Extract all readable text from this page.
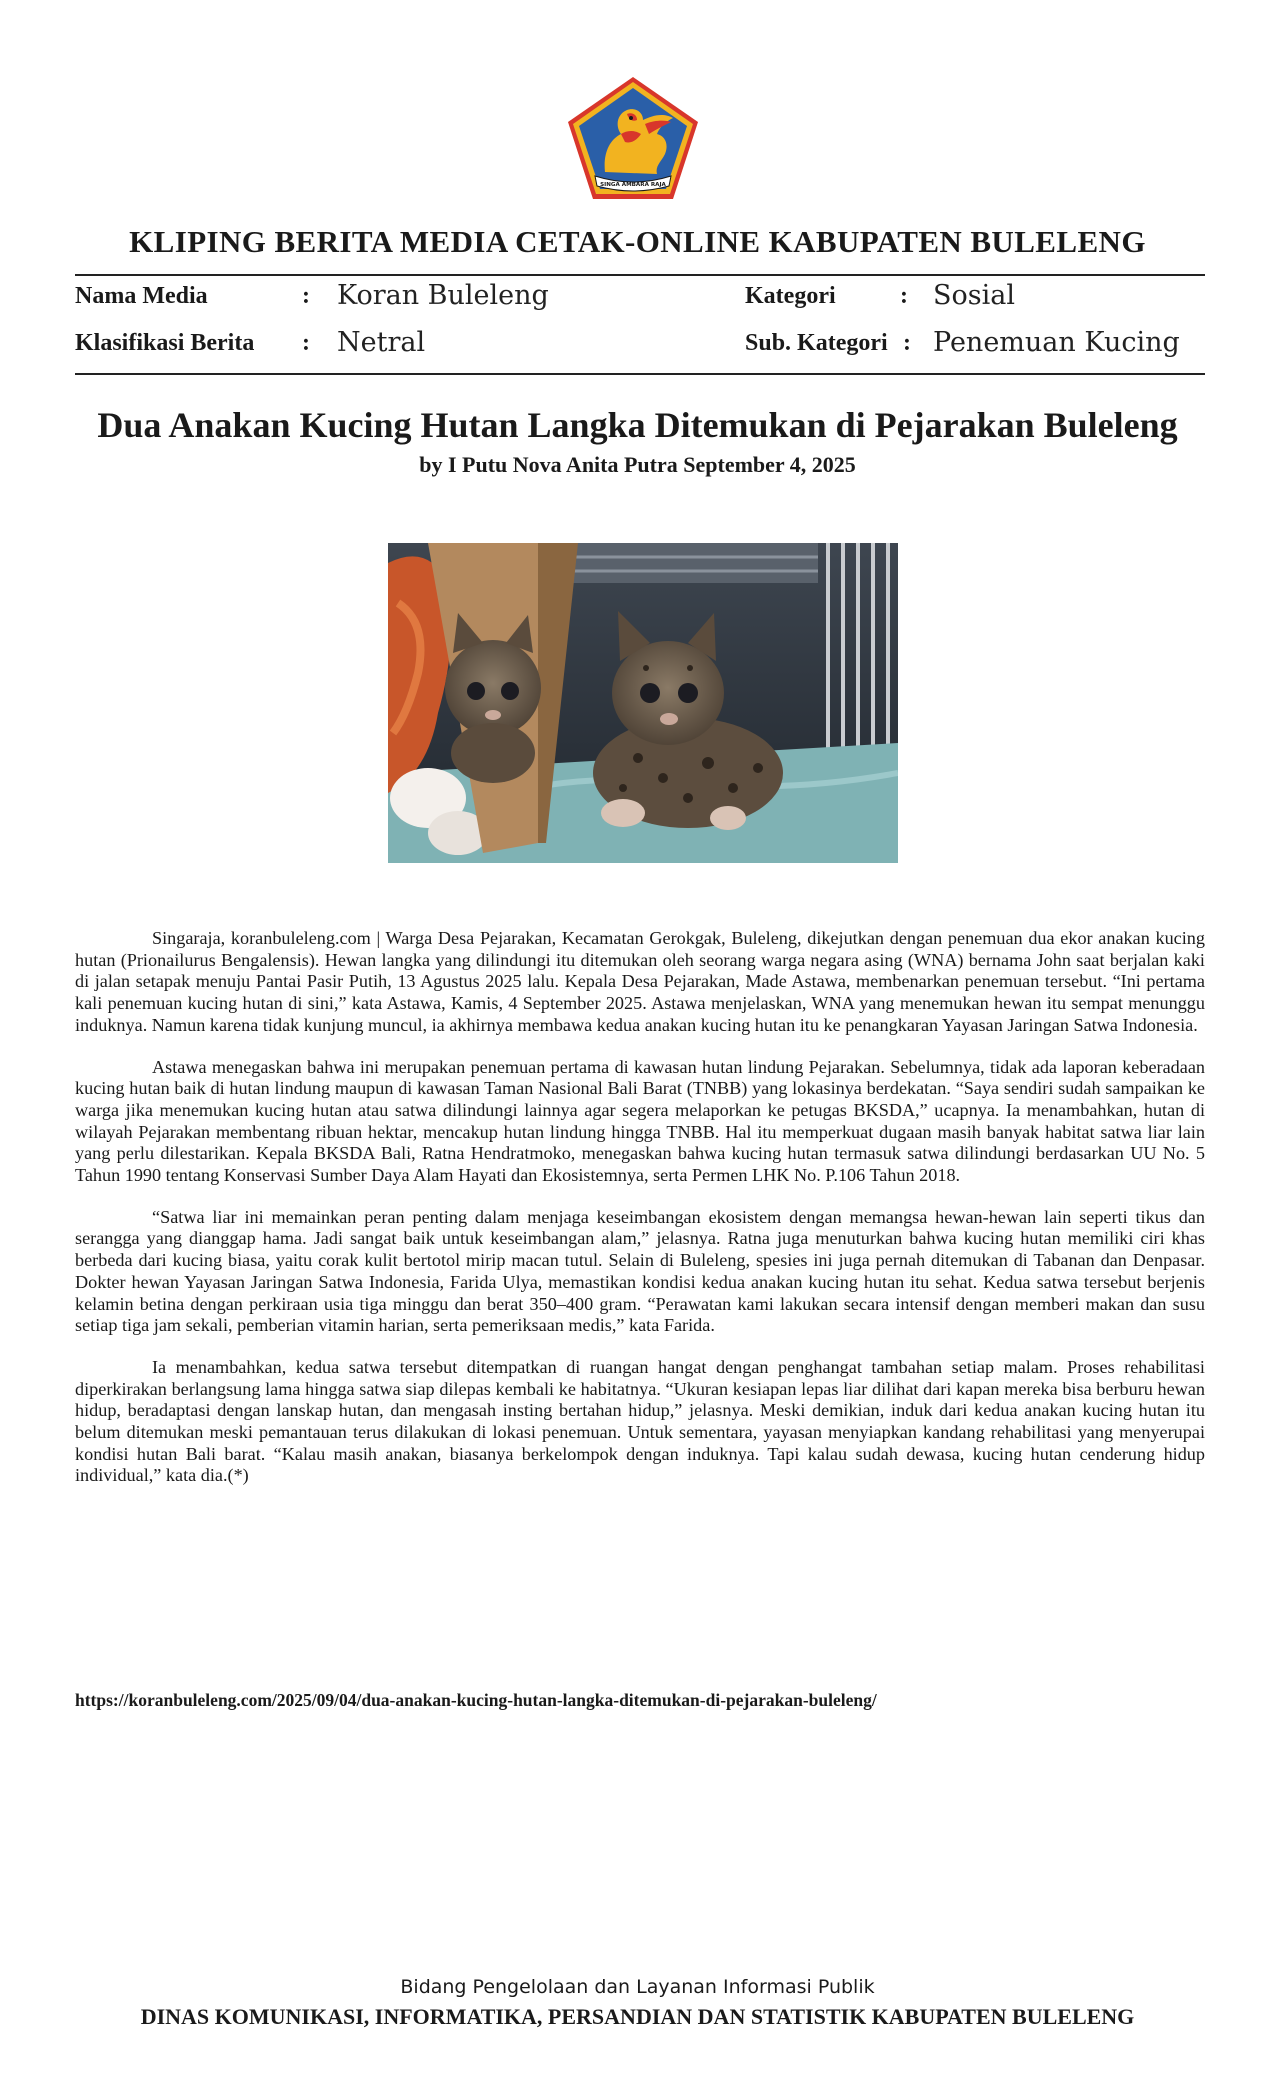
SINGA AMBARA RAJA
KLIPING BERITA MEDIA CETAK-ONLINE KABUPATEN BULELENG
Nama Media	: Koran Buleleng
Klasifikasi Berita : Netral
Kategori	: Sosial
Sub. Kategori : Penemuan Kucing
Dua Anakan Kucing Hutan Langka Ditemukan di Pejarakan Buleleng
by I Putu Nova Anita Putra September 4, 2025

Singaraja, koranbuleleng.com | Warga Desa Pejarakan, Kecamatan Gerokgak, Buleleng, dikejutkan dengan penemuan dua ekor anakan kucing hutan (Prionailurus Bengalensis). Hewan langka yang dilindungi itu ditemukan oleh seorang warga negara asing (WNA) bernama John saat berjalan kaki di jalan setapak menuju Pantai Pasir Putih, 13 Agustus 2025 lalu. Kepala Desa Pejarakan, Made Astawa, membenarkan penemuan tersebut. “Ini pertama kali penemuan kucing hutan di sini,” kata Astawa, Kamis, 4 September 2025. Astawa menjelaskan, WNA yang menemukan hewan itu sempat menunggu induknya. Namun karena tidak kunjung muncul, ia akhirnya membawa kedua anakan kucing hutan itu ke penangkaran Yayasan Jaringan Satwa Indonesia.

Astawa menegaskan bahwa ini merupakan penemuan pertama di kawasan hutan lindung Pejarakan. Sebelumnya, tidak ada laporan keberadaan kucing hutan baik di hutan lindung maupun di kawasan Taman Nasional Bali Barat (TNBB) yang lokasinya berdekatan. “Saya sendiri sudah sampaikan ke warga jika menemukan kucing hutan atau satwa dilindungi lainnya agar segera melaporkan ke petugas BKSDA,” ucapnya. Ia menambahkan, hutan di wilayah Pejarakan membentang ribuan hektar, mencakup hutan lindung hingga TNBB. Hal itu memperkuat dugaan masih banyak habitat satwa liar lain yang perlu dilestarikan. Kepala BKSDA Bali, Ratna Hendratmoko, menegaskan bahwa kucing hutan termasuk satwa dilindungi berdasarkan UU No. 5 Tahun 1990 tentang Konservasi Sumber Daya Alam Hayati dan Ekosistemnya, serta Permen LHK No. P.106 Tahun 2018.

“Satwa liar ini memainkan peran penting dalam menjaga keseimbangan ekosistem dengan memangsa hewan-hewan lain seperti tikus dan serangga yang dianggap hama. Jadi sangat baik untuk keseimbangan alam,” jelasnya. Ratna juga menuturkan bahwa kucing hutan memiliki ciri khas berbeda dari kucing biasa, yaitu corak kulit bertotol mirip macan tutul. Selain di Buleleng, spesies ini juga pernah ditemukan di Tabanan dan Denpasar. Dokter hewan Yayasan Jaringan Satwa Indonesia, Farida Ulya, memastikan kondisi kedua anakan kucing hutan itu sehat. Kedua satwa tersebut berjenis kelamin betina dengan perkiraan usia tiga minggu dan berat 350–400 gram. “Perawatan kami lakukan secara intensif dengan memberi makan dan susu setiap tiga jam sekali, pemberian vitamin harian, serta pemeriksaan medis,” kata Farida.

Ia menambahkan, kedua satwa tersebut ditempatkan di ruangan hangat dengan penghangat tambahan setiap malam. Proses rehabilitasi diperkirakan berlangsung lama hingga satwa siap dilepas kembali ke habitatnya. “Ukuran kesiapan lepas liar dilihat dari kapan mereka bisa berburu hewan hidup, beradaptasi dengan lanskap hutan, dan mengasah insting bertahan hidup,” jelasnya. Meski demikian, induk dari kedua anakan kucing hutan itu belum ditemukan meski pemantauan terus dilakukan di lokasi penemuan. Untuk sementara, yayasan menyiapkan kandang rehabilitasi yang menyerupai kondisi hutan Bali barat. “Kalau masih anakan, biasanya berkelompok dengan induknya. Tapi kalau sudah dewasa, kucing hutan cenderung hidup individual,” kata dia.(*)

https://koranbuleleng.com/2025/09/04/dua-anakan-kucing-hutan-langka-ditemukan-di-pejarakan-buleleng/
Bidang Pengelolaan dan Layanan Informasi Publik
DINAS KOMUNIKASI, INFORMATIKA, PERSANDIAN DAN STATISTIK KABUPATEN BULELENG
